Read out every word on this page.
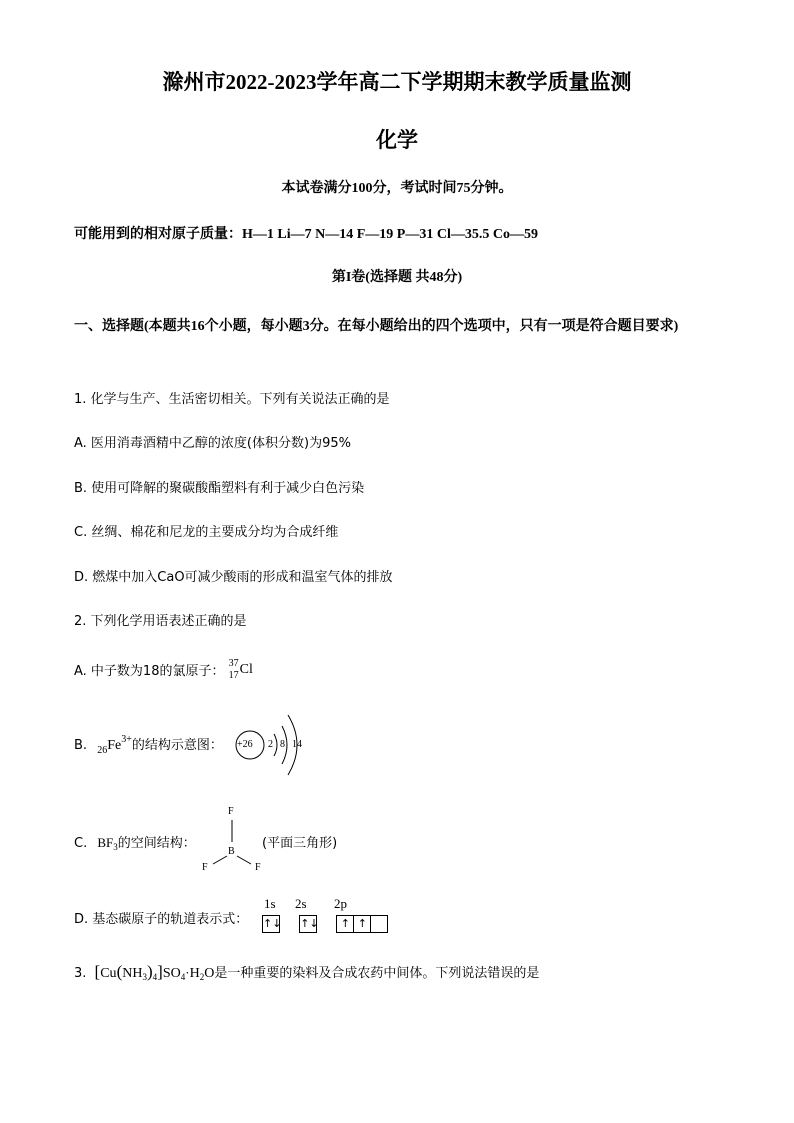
滁州市2022-2023学年高二下学期期末教学质量监测
化学
本试卷满分100分，考试时间75分钟。
可能用到的相对原子质量：H—1 Li—7 N—14 F—19 P—31 Cl—35.5 Co—59
第I卷(选择题 共48分)
一、选择题(本题共16个小题，每小题3分。在每小题给出的四个选项中，只有一项是符合题目要求)
1. 化学与生产、生活密切相关。下列有关说法正确的是
A. 医用消毒酒精中乙醇的浓度(体积分数)为95%
B. 使用可降解的聚碳酸酯塑料有利于减少白色污染
C. 丝绸、棉花和尼龙的主要成分均为合成纤维
D. 燃煤中加入CaO可减少酸雨的形成和温室气体的排放
2. 下列化学用语表述正确的是
A. 中子数为18的氯原子：
37
17 Cl
B. $_{26}Fe^{3+}$的结构示意图： +26 2 8 14
C. $BF_3$的空间结构：
F
B
F	F
(平面三角形)
D. 基态碳原子的轨道表示式：
1s 2s 2p
↑↓ ↑↓ ↑ ↑
3. $[Cu(NH_3)_4]SO_4\cdot H_2O$是一种重要的染料及合成农药中间体。下列说法错误的是
